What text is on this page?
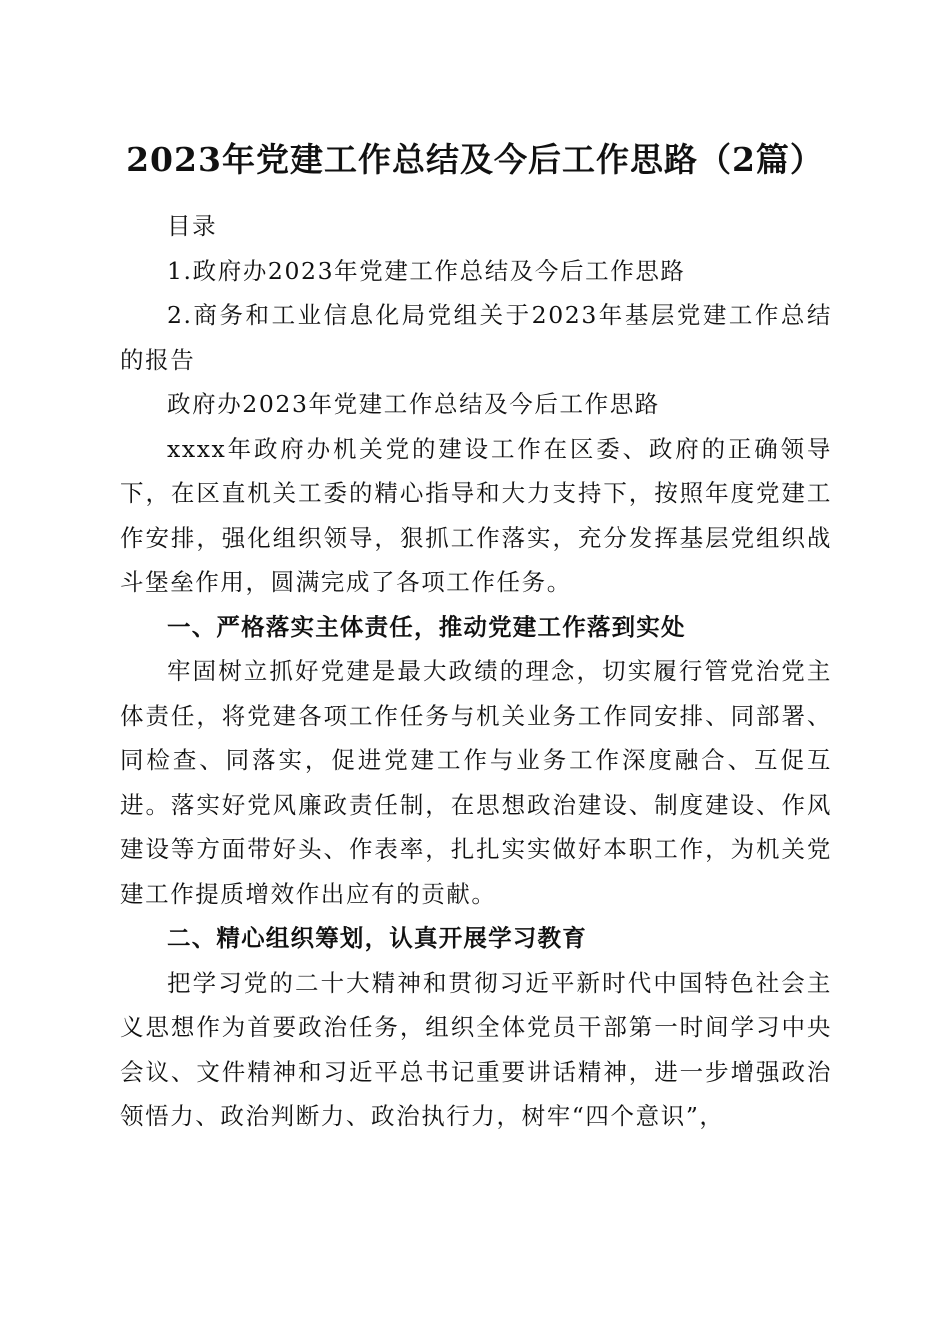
2023年党建工作总结及今后工作思路（2篇）

目录

1.政府办2023年党建工作总结及今后工作思路

2.商务和工业信息化局党组关于2023年基层党建工作总结的报告

政府办2023年党建工作总结及今后工作思路

xxxx年政府办机关党的建设工作在区委、政府的正确领导下，在区直机关工委的精心指导和大力支持下，按照年度党建工作安排，强化组织领导，狠抓工作落实，充分发挥基层党组织战斗堡垒作用，圆满完成了各项工作任务。

一、严格落实主体责任，推动党建工作落到实处

牢固树立抓好党建是最大政绩的理念，切实履行管党治党主体责任，将党建各项工作任务与机关业务工作同安排、同部署、同检查、同落实，促进党建工作与业务工作深度融合、互促互进。落实好党风廉政责任制，在思想政治建设、制度建设、作风建设等方面带好头、作表率，扎扎实实做好本职工作，为机关党建工作提质增效作出应有的贡献。

二、精心组织筹划，认真开展学习教育

把学习党的二十大精神和贯彻习近平新时代中国特色社会主义思想作为首要政治任务，组织全体党员干部第一时间学习中央会议、文件精神和习近平总书记重要讲话精神，进一步增强政治领悟力、政治判断力、政治执行力，树牢“四个意识”，
